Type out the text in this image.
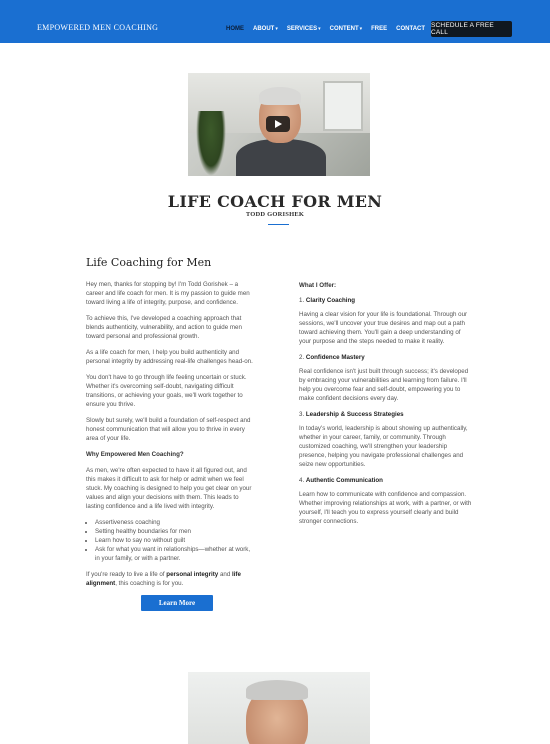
EMPOWERED MEN COACHING	HOME ABOUT▾ SERVICES▾ CONTENT▾ FREE CONTACT SCHEDULE A FREE CALL
LIFE COACH FOR MEN
TODD GORISHEK
Life Coaching for Men
Hey men, thanks for stopping by! I'm Todd Gorishek – a career and life coach for men. It is my passion to guide men toward living a life of integrity, purpose, and confidence.
To achieve this, I've developed a coaching approach that blends authenticity, vulnerability, and action to guide men toward personal and professional growth.
As a life coach for men, I help you build authenticity and personal integrity by addressing real-life challenges head-on.
You don't have to go through life feeling uncertain or stuck. Whether it's overcoming self-doubt, navigating difficult transitions, or achieving your goals, we'll work together to ensure you thrive.
Slowly but surely, we'll build a foundation of self-respect and honest communication that will allow you to thrive in every area of your life.
Why Empowered Men Coaching?
As men, we're often expected to have it all figured out, and this makes it difficult to ask for help or admit when we feel stuck. My coaching is designed to help you get clear on your values and align your decisions with them. This leads to lasting confidence and a life lived with integrity.
• Assertiveness coaching
• Setting healthy boundaries for men
• Learn how to say no without guilt
• Ask for what you want in relationships—whether at work, in your family, or with a partner.
If you're ready to live a life of personal integrity and life alignment, this coaching is for you.
Learn More
What I Offer:
1. Clarity Coaching
Having a clear vision for your life is foundational. Through our sessions, we'll uncover your true desires and map out a path toward achieving them. You'll gain a deep understanding of your purpose and the steps needed to make it reality.
2. Confidence Mastery
Real confidence isn't just built through success; it's developed by embracing your vulnerabilities and learning from failure. I'll help you overcome fear and self-doubt, empowering you to make confident decisions every day.
3. Leadership & Success Strategies
In today's world, leadership is about showing up authentically, whether in your career, family, or community. Through customized coaching, we'll strengthen your leadership presence, helping you navigate professional challenges and seize new opportunities.
4. Authentic Communication
Learn how to communicate with confidence and compassion. Whether improving relationships at work, with a partner, or with yourself, I'll teach you to express yourself clearly and build stronger connections.
